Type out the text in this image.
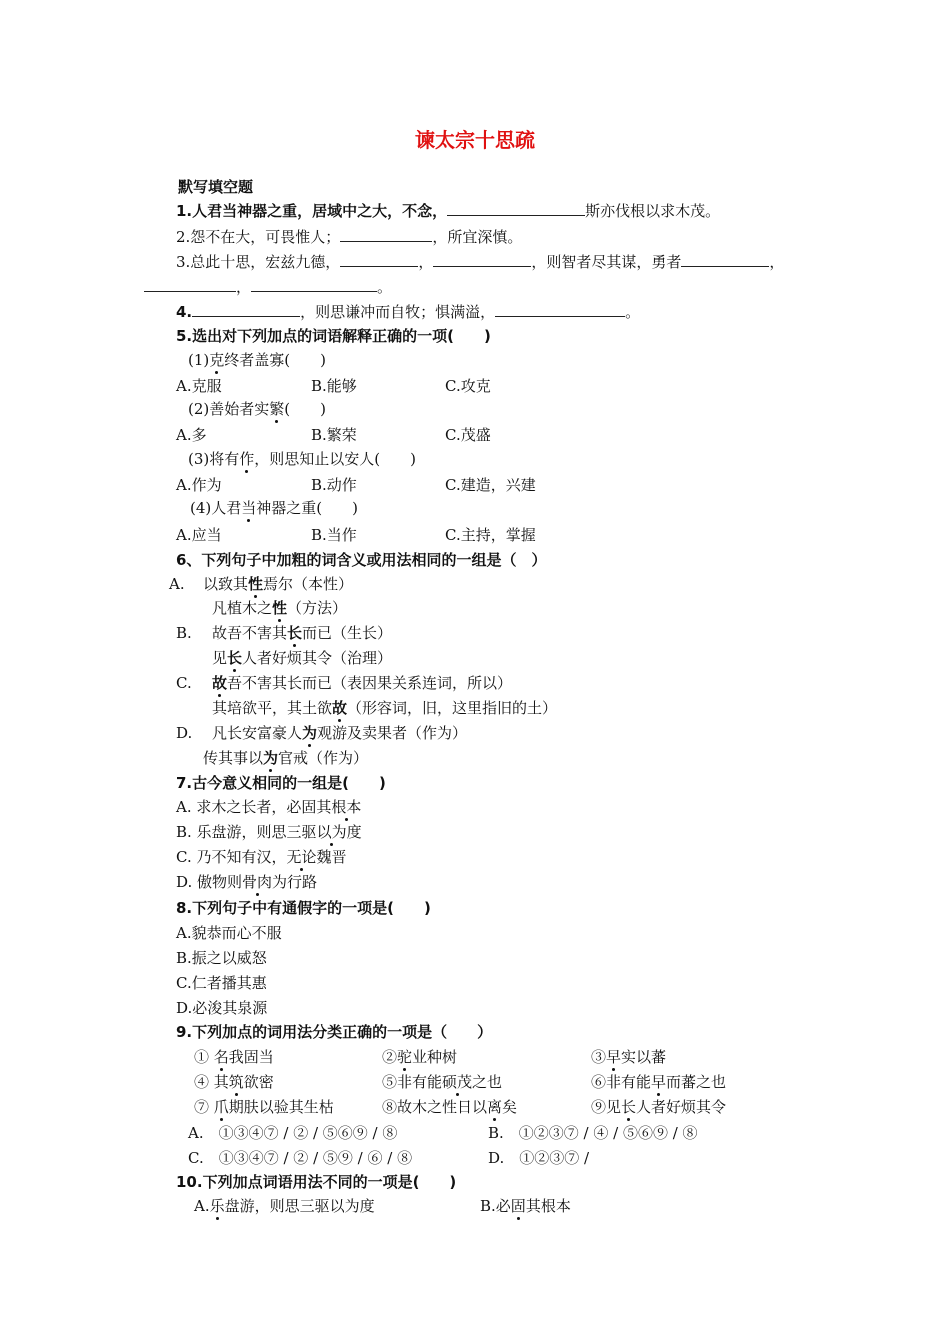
谏太宗十思疏
默写填空题
1.人君当神器之重，居域中之大，不念，	斯亦伐根以求木茂。
2.怨不在大，可畏惟人；	，所宜深慎。
3.总此十思，宏兹九德，	，	，则智者尽其谋，勇者	，
，	。
4.	，则思谦冲而自牧；惧满溢，	。
5.选出对下列加点的词语解释正确的一项(　　)
(1)克终者盖寡(　　)
A.克服	B.能够	C.攻克
(2)善始者实繁(　　)
A.多	B.繁荣	C.茂盛
(3)将有作，则思知止以安人(　　)
A.作为	B.动作	C.建造，兴建
(4)人君当神器之重(　　)
A.应当	B.当作	C.主持，掌握
6、下列句子中加粗的词含义或用法相同的一组是（　）
A. 以致其性焉尔（本性）
凡植木之性（方法）
B. 故吾不害其长而已（生长）
见长人者好烦其令（治理）
C. 故吾不害其长而已（表因果关系连词，所以）
其培欲平，其土欲故（形容词，旧，这里指旧的土）
D. 凡长安富豪人为观游及卖果者（作为）
传其事以为官戒（作为）
7.古今意义相同的一组是(　　)
A. 求木之长者，必固其根本
B. 乐盘游，则思三驱以为度
C. 乃不知有汉，无论魏晋
D. 傲物则骨肉为行路
8.下列句子中有通假字的一项是(　　)
A.貌恭而心不服
B.振之以威怒
C.仁者播其惠
D.必浚其泉源
9.下列加点的词用法分类正确的一项是（　　）
① 名我固当	②驼业种树	③早实以蕃
④ 其筑欲密	⑤非有能硕茂之也	⑥非有能早而蕃之也
⑦ 爪期肤以验其生枯	⑧故木之性日以离矣	⑨见长人者好烦其令
A.　①③④⑦ / ② / ⑤⑥⑨ / ⑧	B.　①②③⑦ / ④ / ⑤⑥⑨ / ⑧
C.　①③④⑦ / ② / ⑤⑨ / ⑥ / ⑧	D.　①②③⑦ /
10.下列加点词语用法不同的一项是(　　)
A.乐盘游，则思三驱以为度	B.必固其根本
